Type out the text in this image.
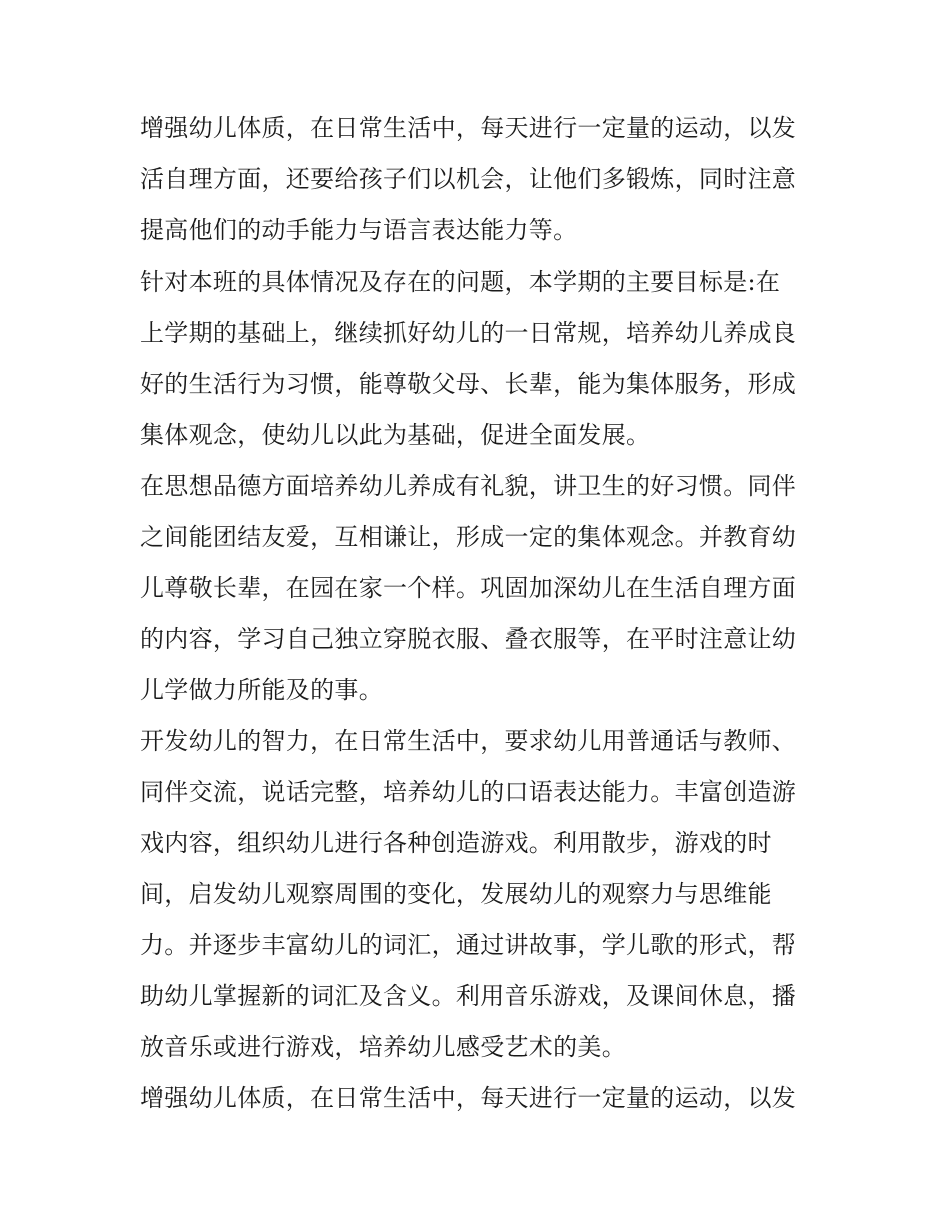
增强幼儿体质，在日常生活中，每天进行一定量的运动，以发
活自理方面，还要给孩子们以机会，让他们多锻炼，同时注意
提高他们的动手能力与语言表达能力等。
针对本班的具体情况及存在的问题，本学期的主要目标是:在
上学期的基础上，继续抓好幼儿的一日常规，培养幼儿养成良
好的生活行为习惯，能尊敬父母、长辈，能为集体服务，形成
集体观念，使幼儿以此为基础，促进全面发展。
在思想品德方面培养幼儿养成有礼貌，讲卫生的好习惯。同伴
之间能团结友爱，互相谦让，形成一定的集体观念。并教育幼
儿尊敬长辈，在园在家一个样。巩固加深幼儿在生活自理方面
的内容，学习自己独立穿脱衣服、叠衣服等，在平时注意让幼
儿学做力所能及的事。
开发幼儿的智力，在日常生活中，要求幼儿用普通话与教师、
同伴交流，说话完整，培养幼儿的口语表达能力。丰富创造游
戏内容，组织幼儿进行各种创造游戏。利用散步，游戏的时
间，启发幼儿观察周围的变化，发展幼儿的观察力与思维能
力。并逐步丰富幼儿的词汇，通过讲故事，学儿歌的形式，帮
助幼儿掌握新的词汇及含义。利用音乐游戏，及课间休息，播
放音乐或进行游戏，培养幼儿感受艺术的美。
增强幼儿体质，在日常生活中，每天进行一定量的运动，以发
